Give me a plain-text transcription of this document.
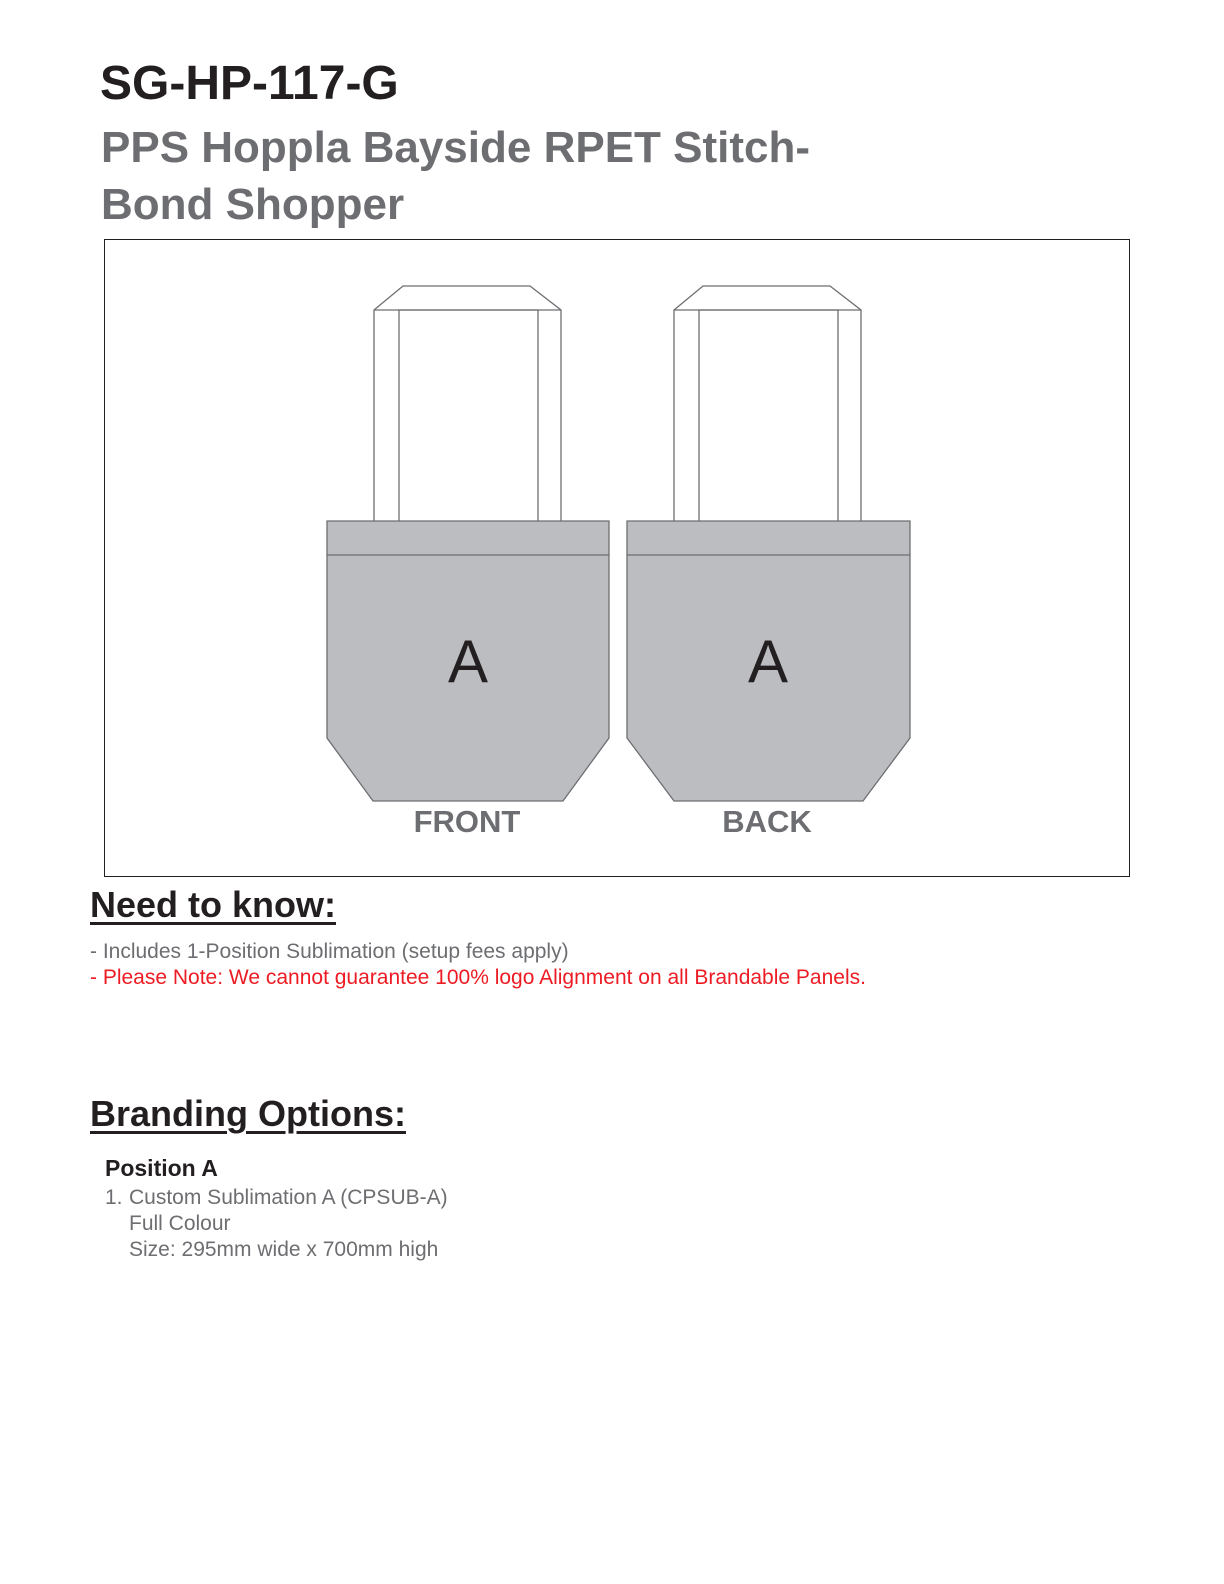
SG-HP-117-G
PPS Hoppla Bayside RPET Stitch-Bond Shopper
A
FRONT
A
BACK
Need to know:

- Includes 1-Position Sublimation (setup fees apply)

- Please Note: We cannot guarantee 100% logo Alignment on all Brandable Panels.

Branding Options:

Position A

1. Custom Sublimation A (CPSUB-A)
Full Colour
Size: 295mm wide x 700mm high
